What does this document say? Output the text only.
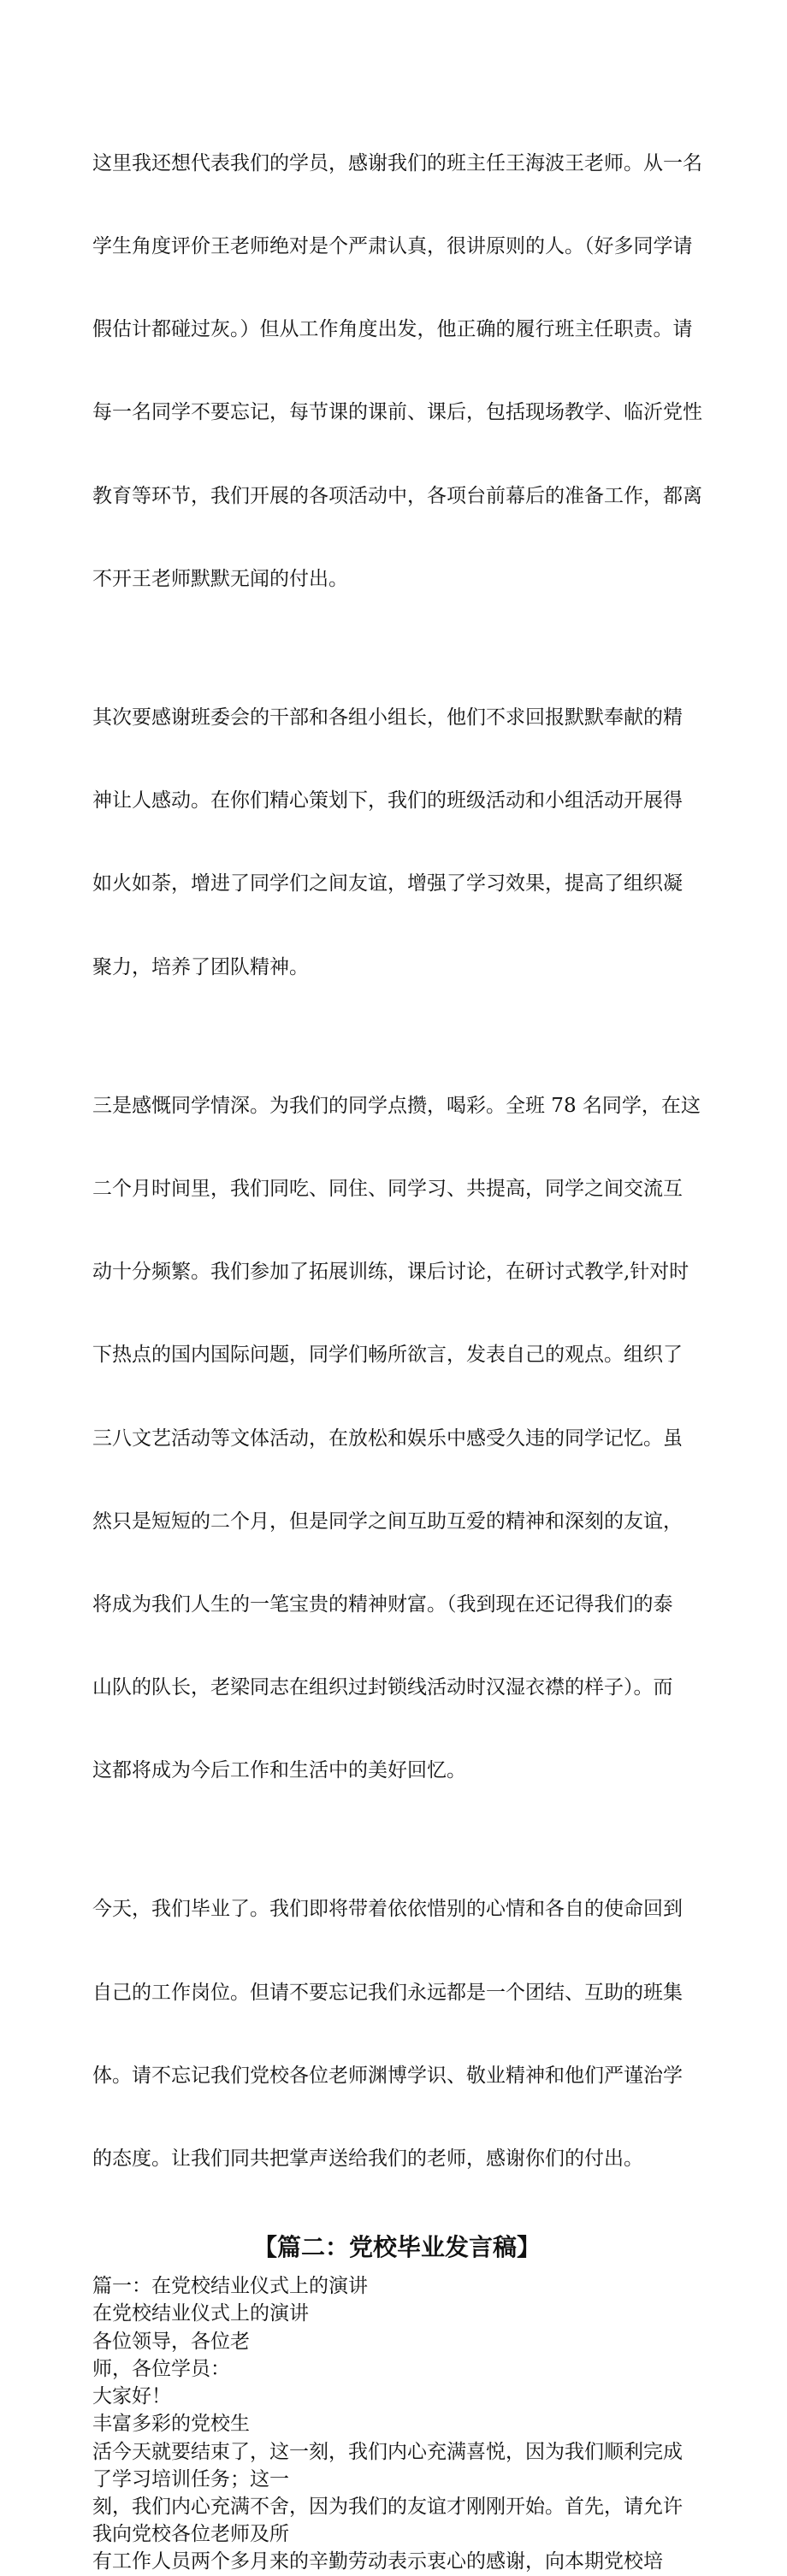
这里我还想代表我们的学员，感谢我们的班主任王海波王老师。从一名

学生角度评价王老师绝对是个严肃认真，很讲原则的人。（好多同学请

假估计都碰过灰。）但从工作角度出发，他正确的履行班主任职责。请

每一名同学不要忘记，每节课的课前、课后，包括现场教学、临沂党性

教育等环节，我们开展的各项活动中，各项台前幕后的准备工作，都离

不开王老师默默无闻的付出。

其次要感谢班委会的干部和各组小组长，他们不求回报默默奉献的精

神让人感动。在你们精心策划下，我们的班级活动和小组活动开展得

如火如荼，增进了同学们之间友谊，增强了学习效果，提高了组织凝

聚力，培养了团队精神。

三是感慨同学情深。为我们的同学点攒，喝彩。全班 78 名同学，在这

二个月时间里，我们同吃、同住、同学习、共提高，同学之间交流互

动十分频繁。我们参加了拓展训练，课后讨论，在研讨式教学,针对时

下热点的国内国际问题，同学们畅所欲言，发表自己的观点。组织了

三八文艺活动等文体活动，在放松和娱乐中感受久违的同学记忆。虽

然只是短短的二个月，但是同学之间互助互爱的精神和深刻的友谊，

将成为我们人生的一笔宝贵的精神财富。（我到现在还记得我们的泰

山队的队长，老梁同志在组织过封锁线活动时汉湿衣襟的样子）。而

这都将成为今后工作和生活中的美好回忆。

今天，我们毕业了。我们即将带着依依惜别的心情和各自的使命回到

自己的工作岗位。但请不要忘记我们永远都是一个团结、互助的班集

体。请不忘记我们党校各位老师渊博学识、敬业精神和他们严谨治学

的态度。让我们同共把掌声送给我们的老师，感谢你们的付出。

【篇二：党校毕业发言稿】
篇一：在党校结业仪式上的演讲
在党校结业仪式上的演讲
各位领导，各位老
师，各位学员：
大家好！
丰富多彩的党校生
活今天就要结束了，这一刻，我们内心充满喜悦，因为我们顺利完成
了学习培训任务；这一
刻，我们内心充满不舍，因为我们的友谊才刚刚开始。首先，请允许
我向党校各位老师及所
有工作人员两个多月来的辛勤劳动表示衷心的感谢，向本期党校培
